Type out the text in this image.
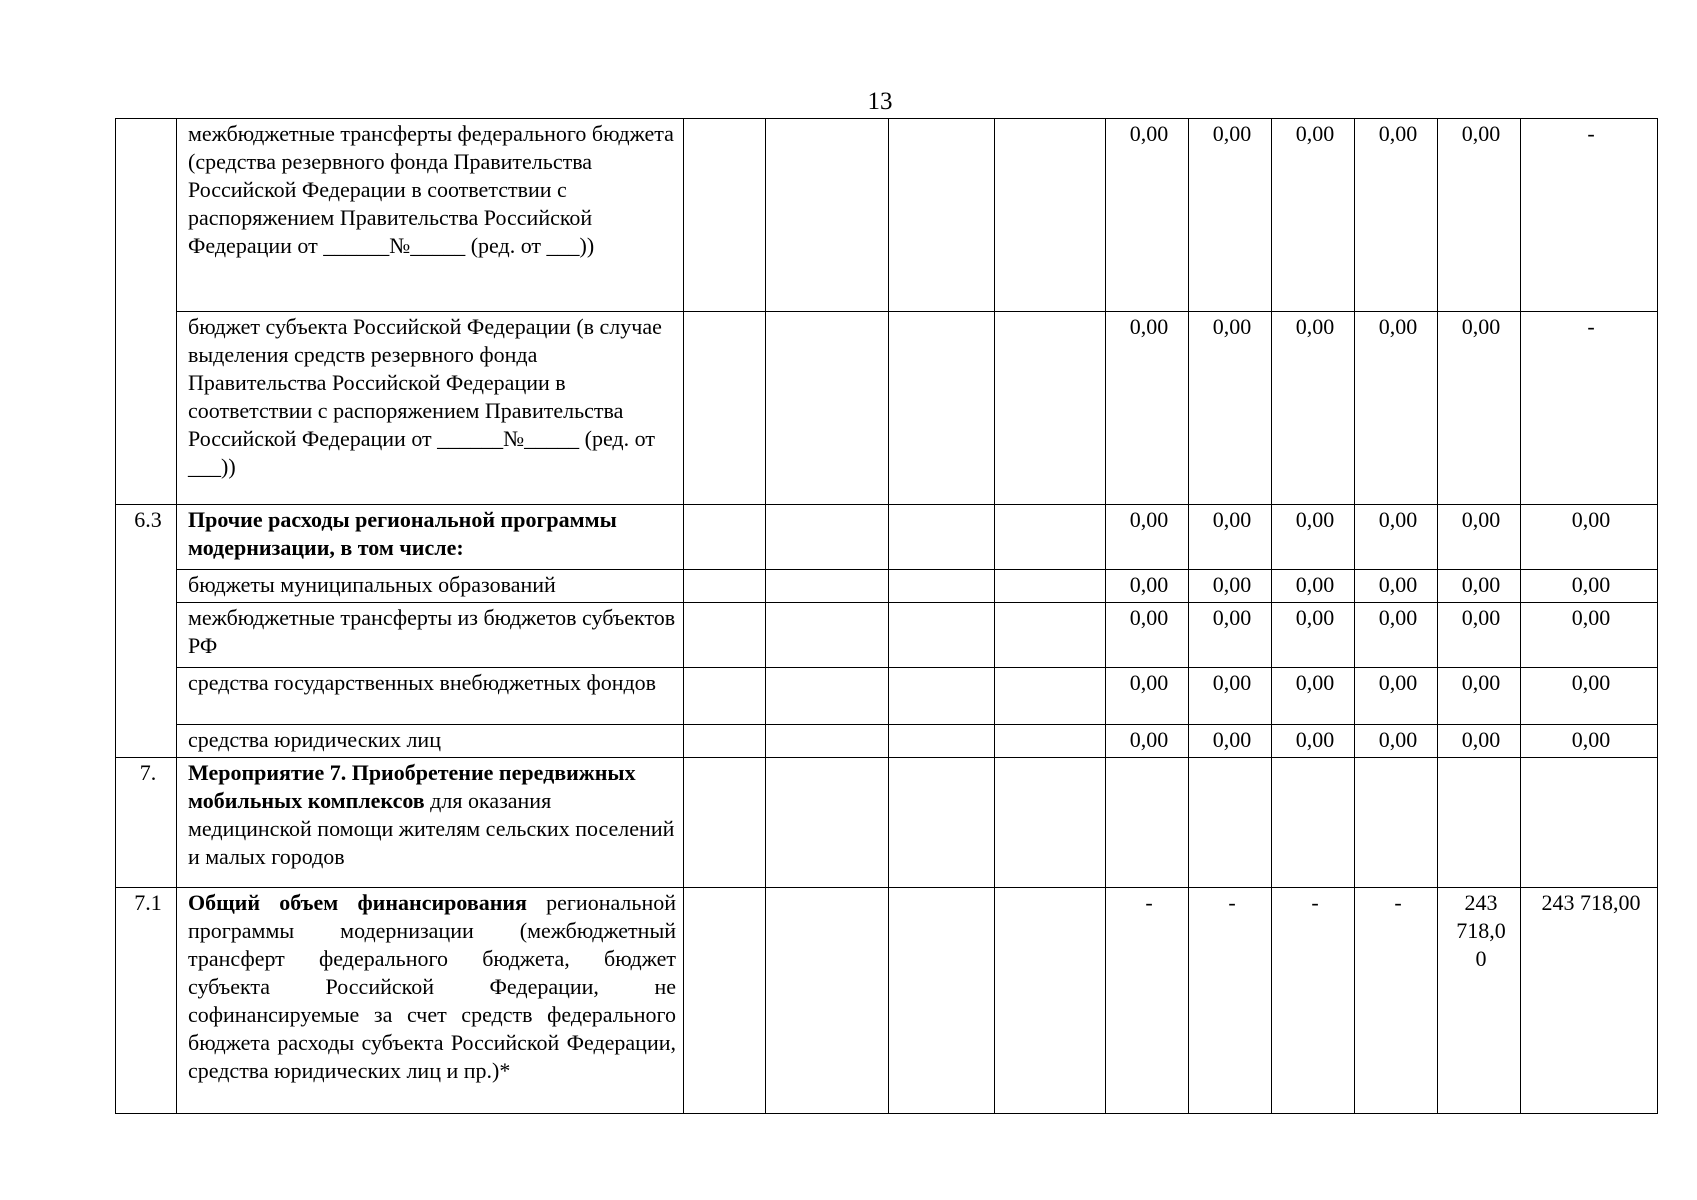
13
	межбюджетные трансферты федерального бюджета (средства резервного фонда Правительства Российской Федерации в соответствии с распоряжением Правительства Российской Федерации от ______№_____ (ред. от ___))					0,00	0,00	0,00	0,00	0,00	-
	бюджет субъекта Российской Федерации (в случае выделения средств резервного фонда Правительства Российской Федерации в соответствии с распоряжением Правительства Российской Федерации от ______№_____ (ред. от ___))					0,00	0,00	0,00	0,00	0,00	-
6.3	Прочие расходы региональной программы модернизации, в том числе:					0,00	0,00	0,00	0,00	0,00	0,00
	бюджеты муниципальных образований					0,00	0,00	0,00	0,00	0,00	0,00
	межбюджетные трансферты из бюджетов субъектов РФ					0,00	0,00	0,00	0,00	0,00	0,00
	средства государственных внебюджетных фондов					0,00	0,00	0,00	0,00	0,00	0,00
	средства юридических лиц					0,00	0,00	0,00	0,00	0,00	0,00
7.	Мероприятие 7. Приобретение передвижных мобильных комплексов для оказания медицинской помощи жителям сельских поселений и малых городов										
7.1	Общий объем финансирования региональной программы модернизации (межбюджетный трансферт федерального бюджета, бюджет субъекта Российской Федерации, не софинансируемые за счет средств федерального бюджета расходы субъекта Российской Федерации, средства юридических лиц и пр.)*					-	-	-	-	243 718,0 0	243 718,00
